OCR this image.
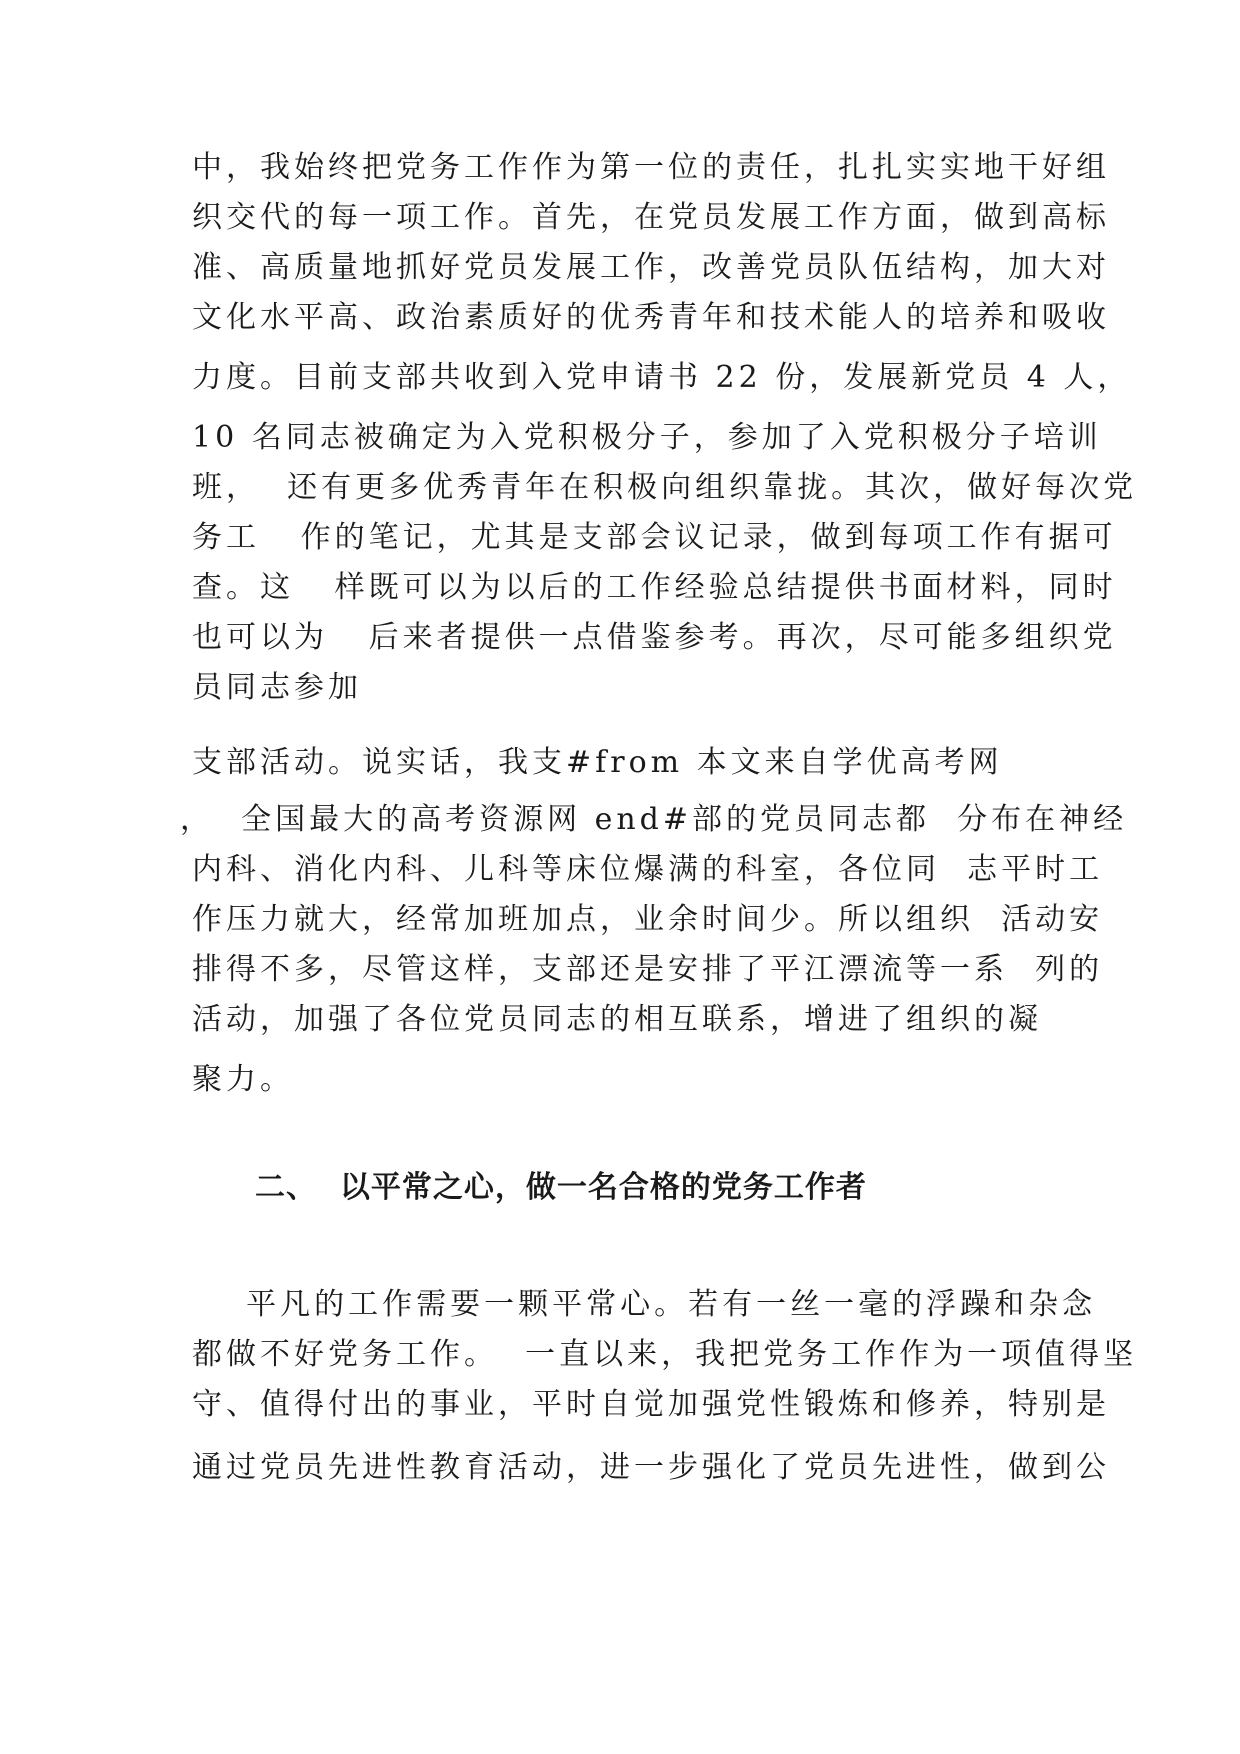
中，我始终把党务工作作为第一位的责任，扎扎实实地干好组
织交代的每一项工作。首先，在党员发展工作方面，做到高标
准、高质量地抓好党员发展工作，改善党员队伍结构，加大对
文化水平高、政治素质好的优秀青年和技术能人的培养和吸收
力度。目前支部共收到入党申请书 22 份，发展新党员 4 人，
10 名同志被确定为入党积极分子，参加了入党积极分子培训
班，  还有更多优秀青年在积极向组织靠拢。其次，做好每次党
务工   作的笔记，尤其是支部会议记录，做到每项工作有据可
查。这   样既可以为以后的工作经验总结提供书面材料，同时
也可以为   后来者提供一点借鉴参考。再次，尽可能多组织党
员同志参加
支部活动。说实话，我支#from 本文来自学优高考网
，  全国最大的高考资源网 end#部的党员同志都  分布在神经
内科、消化内科、儿科等床位爆满的科室，各位同  志平时工
作压力就大，经常加班加点，业余时间少。所以组织  活动安
排得不多，尽管这样，支部还是安排了平江漂流等一系  列的
活动，加强了各位党员同志的相互联系，增进了组织的凝
聚力。
二、  以平常之心，做一名合格的党务工作者
平凡的工作需要一颗平常心。若有一丝一毫的浮躁和杂念
都做不好党务工作。  一直以来，我把党务工作作为一项值得坚
守、值得付出的事业，平时自觉加强党性锻炼和修养，特别是
通过党员先进性教育活动，进一步强化了党员先进性，做到公
